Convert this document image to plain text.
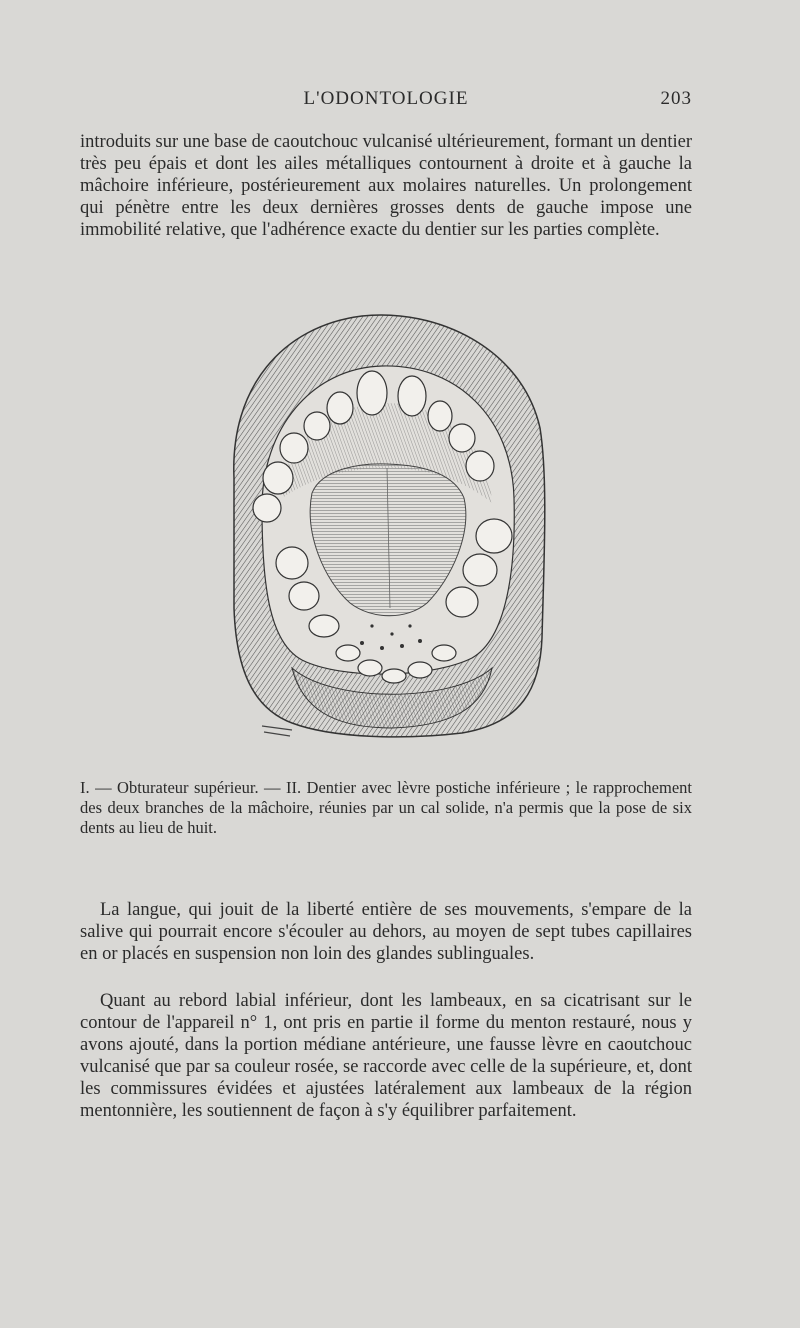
L'ODONTOLOGIE	203

introduits sur une base de caoutchouc vulcanisé ultérieurement, formant un dentier très peu épais et dont les ailes métalliques contournent à droite et à gauche la mâchoire inférieure, postérieurement aux molaires naturelles. Un prolongement qui pénètre entre les deux dernières grosses dents de gauche impose une immobilité relative, que l'adhérence exacte du dentier sur les parties complète.

I. — Obturateur supérieur. — II. Dentier avec lèvre postiche inférieure ; le rapprochement des deux branches de la mâchoire, réunies par un cal solide, n'a permis que la pose de six dents au lieu de huit.

La langue, qui jouit de la liberté entière de ses mouvements, s'empare de la salive qui pourrait encore s'écouler au dehors, au moyen de sept tubes capillaires en or placés en suspension non loin des glandes sublinguales.

Quant au rebord labial inférieur, dont les lambeaux, en sa cicatrisant sur le contour de l'appareil n° 1, ont pris en partie il forme du menton restauré, nous y avons ajouté, dans la portion médiane antérieure, une fausse lèvre en caoutchouc vulcanisé que par sa couleur rosée, se raccorde avec celle de la supérieure, et, dont les commissures évidées et ajustées latéralement aux lambeaux de la région mentonnière, les soutiennent de façon à s'y équilibrer parfaitement.
